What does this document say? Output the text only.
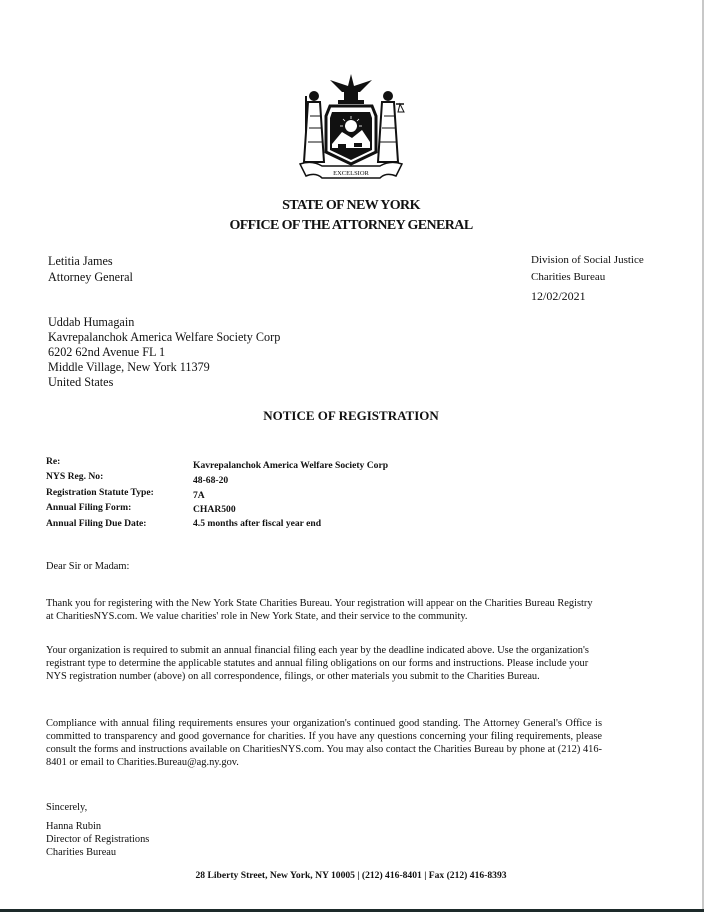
EXCELSIOR
STATE OF NEW YORK
OFFICE OF THE ATTORNEY GENERAL
Letitia James
Attorney General
Division of Social Justice
Charities Bureau
12/02/2021
Uddab Humagain
Kavrepalanchok America Welfare Society Corp
6202 62nd Avenue FL 1
Middle Village, New York 11379
United States
NOTICE OF REGISTRATION
Re:	Kavrepalanchok America Welfare Society Corp
NYS Reg. No:	48-68-20
Registration Statute Type:	7A
Annual Filing Form:	CHAR500
Annual Filing Due Date:	4.5 months after fiscal year end
Dear Sir or Madam:
Thank you for registering with the New York State Charities Bureau. Your registration will appear on the Charities Bureau Registry at CharitiesNYS.com. We value charities' role in New York State, and their service to the community.
Your organization is required to submit an annual financial filing each year by the deadline indicated above. Use the organization's registrant type to determine the applicable statutes and annual filing obligations on our forms and instructions. Please include your NYS registration number (above) on all correspondence, filings, or other materials you submit to the Charities Bureau.
Compliance with annual filing requirements ensures your organization's continued good standing. The Attorney General's Office is committed to transparency and good governance for charities. If you have any questions concerning your filing requirements, please consult the forms and instructions available on CharitiesNYS.com. You may also contact the Charities Bureau by phone at (212) 416-8401 or email to Charities.Bureau@ag.ny.gov.
Sincerely,
Hanna Rubin
Director of Registrations
Charities Bureau
28 Liberty Street, New York, NY 10005 | (212) 416-8401 | Fax (212) 416-8393
